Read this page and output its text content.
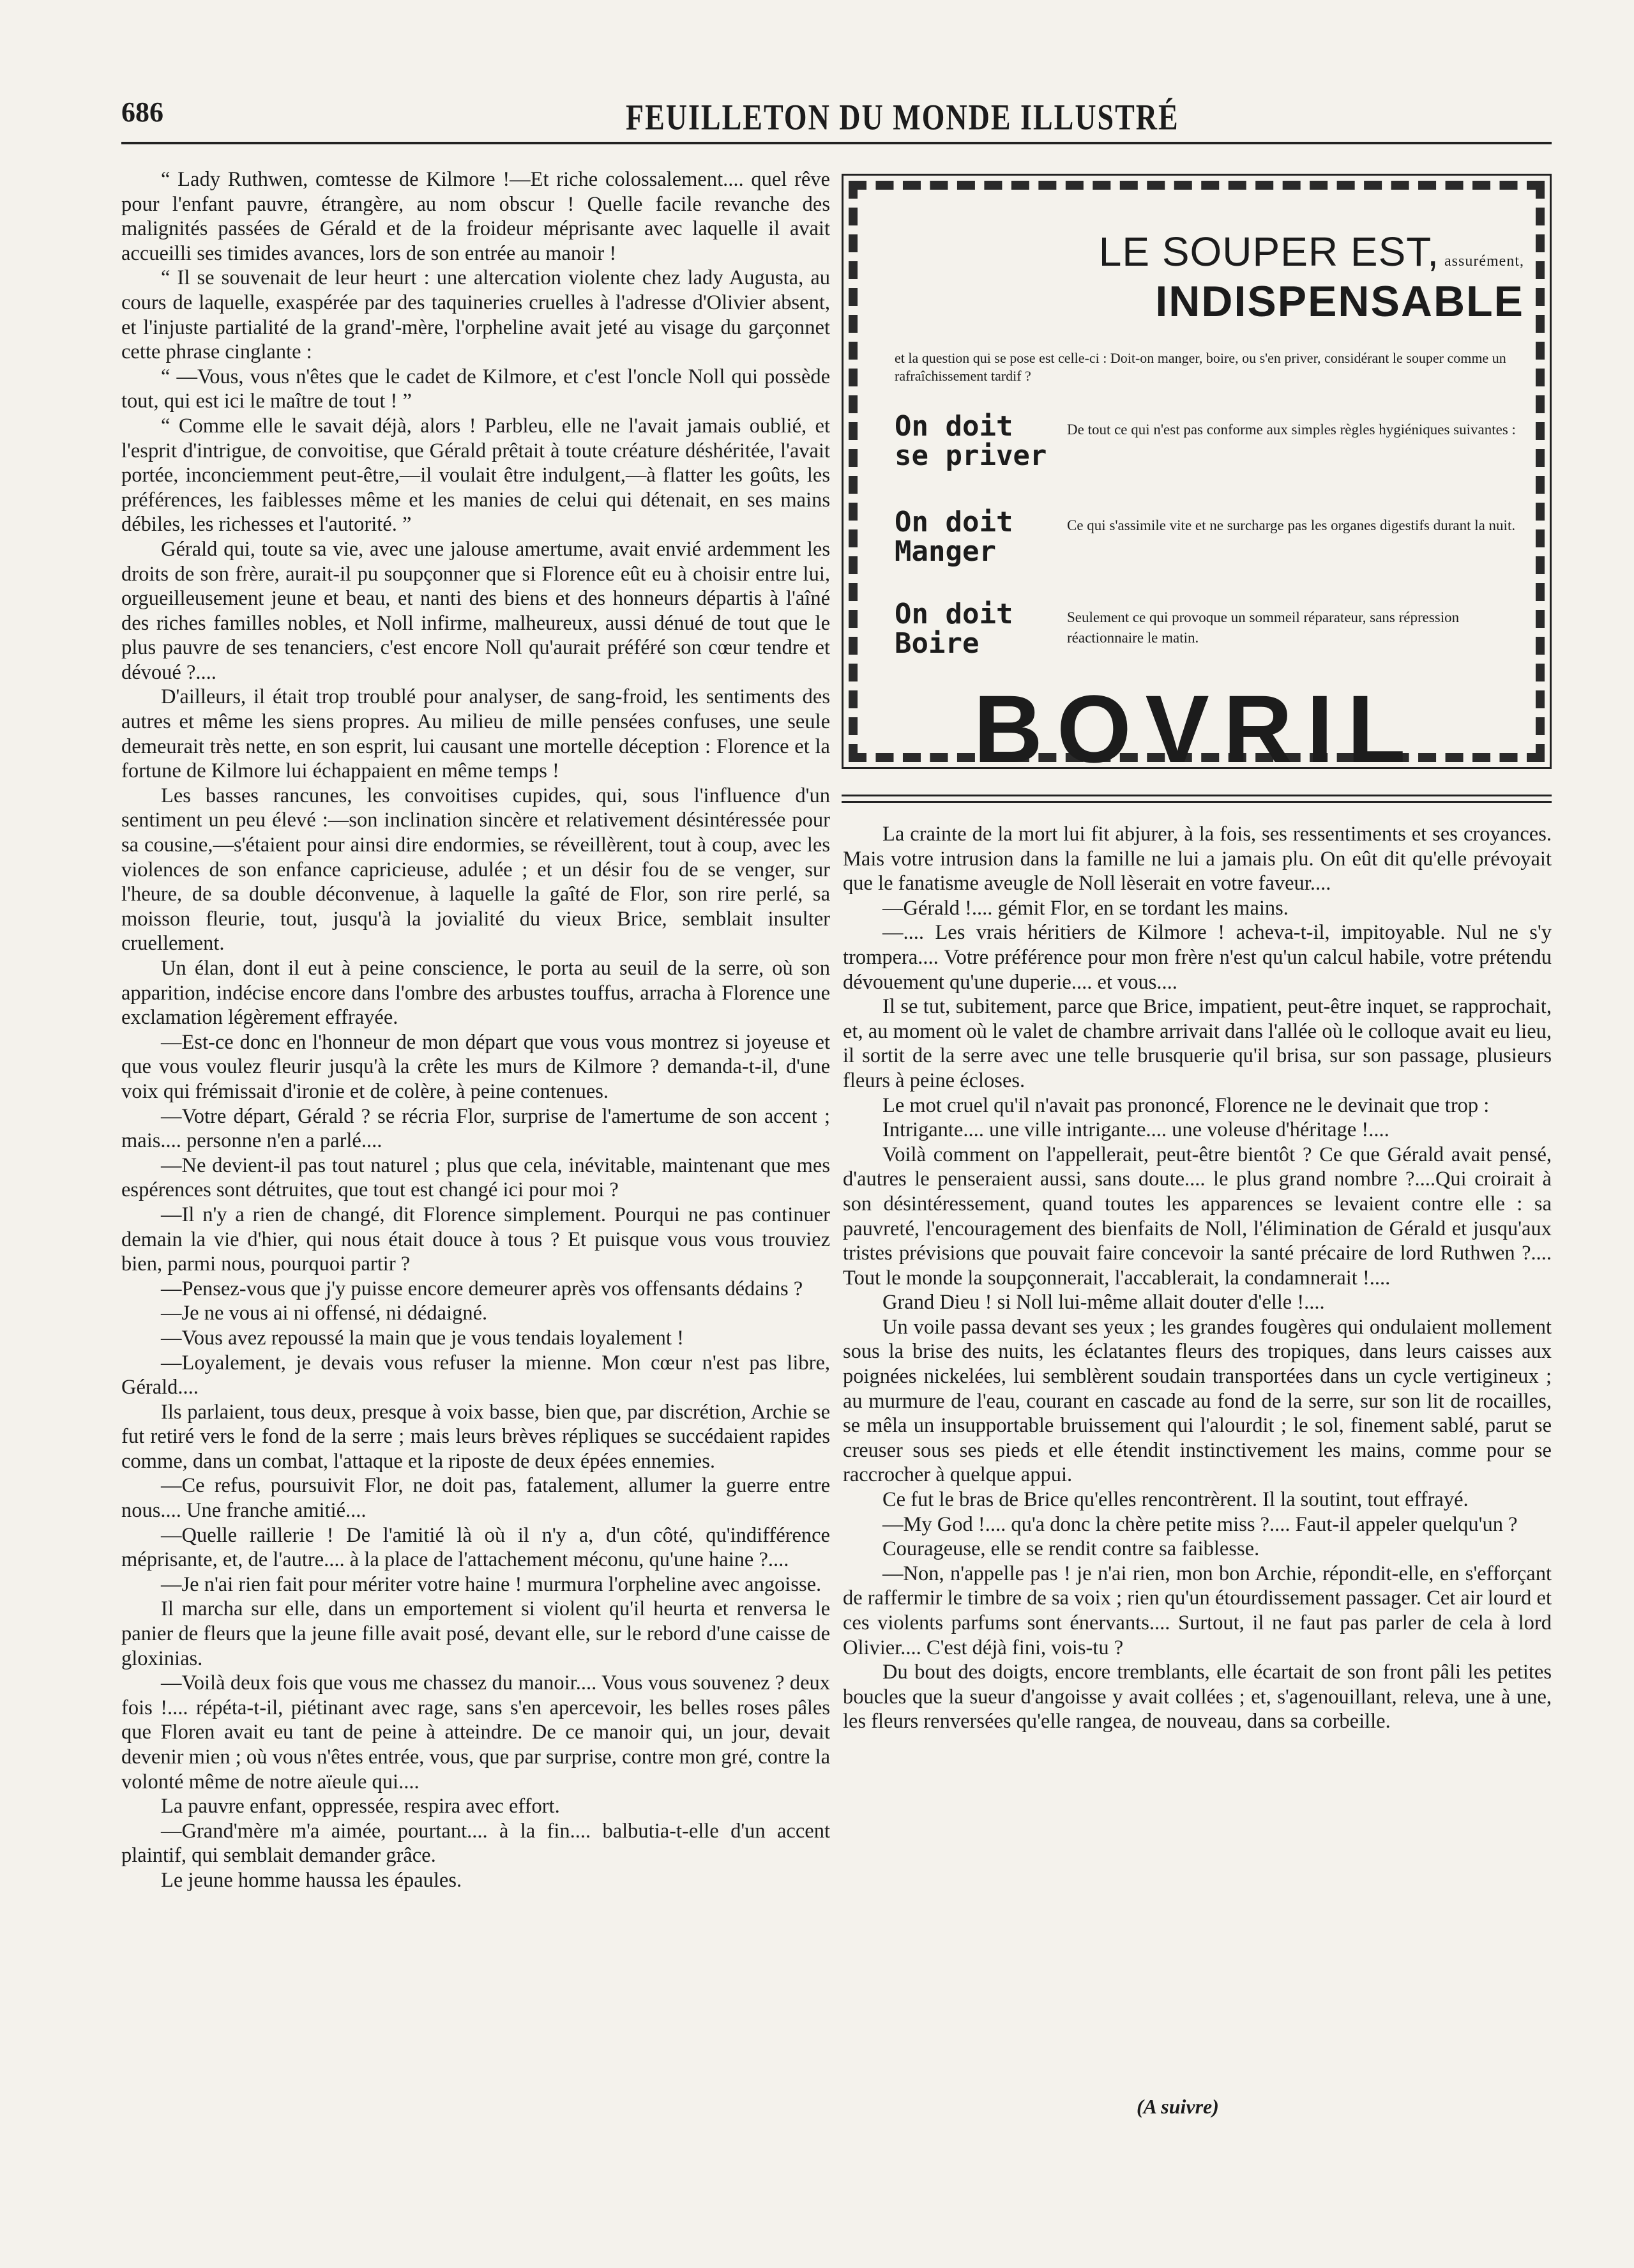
686	FEUILLETON DU MONDE ILLUSTRÉ

“ Lady Ruthwen, comtesse de Kilmore !—Et riche colossalement.... quel rêve pour l'enfant pauvre, étrangère, au nom obscur ! Quelle facile revanche des malignités passées de Gérald et de la froideur méprisante avec laquelle il avait accueilli ses timides avances, lors de son entrée au manoir !

“ Il se souvenait de leur heurt : une altercation violente chez lady Augusta, au cours de laquelle, exaspérée par des taquineries cruelles à l'adresse d'Olivier absent, et l'injuste partialité de la grand'-mère, l'orpheline avait jeté au visage du garçonnet cette phrase cinglante :

“ —Vous, vous n'êtes que le cadet de Kilmore, et c'est l'oncle Noll qui possède tout, qui est ici le maître de tout ! ”

“ Comme elle le savait déjà, alors ! Parbleu, elle ne l'avait jamais oublié, et l'esprit d'intrigue, de convoitise, que Gérald prêtait à toute créature déshéritée, l'avait portée, inconciemment peut-être,—il voulait être indulgent,—à flatter les goûts, les préférences, les faiblesses même et les manies de celui qui détenait, en ses mains débiles, les richesses et l'autorité. ”

Gérald qui, toute sa vie, avec une jalouse amertume, avait envié ardemment les droits de son frère, aurait-il pu soupçonner que si Florence eût eu à choisir entre lui, orgueilleusement jeune et beau, et nanti des biens et des honneurs départis à l'aîné des riches familles nobles, et Noll infirme, malheureux, aussi dénué de tout que le plus pauvre de ses tenanciers, c'est encore Noll qu'aurait préféré son cœur tendre et dévoué ?....

D'ailleurs, il était trop troublé pour analyser, de sang-froid, les sentiments des autres et même les siens propres. Au milieu de mille pensées confuses, une seule demeurait très nette, en son esprit, lui causant une mortelle déception : Florence et la fortune de Kilmore lui échappaient en même temps !

Les basses rancunes, les convoitises cupides, qui, sous l'influence d'un sentiment un peu élevé :—son inclination sincère et relativement désintéressée pour sa cousine,—s'étaient pour ainsi dire endormies, se réveillèrent, tout à coup, avec les violences de son enfance capricieuse, adulée ; et un désir fou de se venger, sur l'heure, de sa double déconvenue, à laquelle la gaîté de Flor, son rire perlé, sa moisson fleurie, tout, jusqu'à la jovialité du vieux Brice, semblait insulter cruellement.

Un élan, dont il eut à peine conscience, le porta au seuil de la serre, où son apparition, indécise encore dans l'ombre des arbustes touffus, arracha à Florence une exclamation légèrement effrayée.

—Est-ce donc en l'honneur de mon départ que vous vous montrez si joyeuse et que vous voulez fleurir jusqu'à la crête les murs de Kilmore ? demanda-t-il, d'une voix qui frémissait d'ironie et de colère, à peine contenues.

—Votre départ, Gérald ? se récria Flor, surprise de l'amertume de son accent ; mais.... personne n'en a parlé....

—Ne devient-il pas tout naturel ; plus que cela, inévitable, maintenant que mes espérences sont détruites, que tout est changé ici pour moi ?

—Il n'y a rien de changé, dit Florence simplement. Pourqui ne pas continuer demain la vie d'hier, qui nous était douce à tous ? Et puisque vous vous trouviez bien, parmi nous, pourquoi partir ?

—Pensez-vous que j'y puisse encore demeurer après vos offensants dédains ?

—Je ne vous ai ni offensé, ni dédaigné.

—Vous avez repoussé la main que je vous tendais loyalement !

—Loyalement, je devais vous refuser la mienne. Mon cœur n'est pas libre, Gérald....

Ils parlaient, tous deux, presque à voix basse, bien que, par discrétion, Archie se fut retiré vers le fond de la serre ; mais leurs brèves répliques se succédaient rapides comme, dans un combat, l'attaque et la riposte de deux épées ennemies.

—Ce refus, poursuivit Flor, ne doit pas, fatalement, allumer la guerre entre nous.... Une franche amitié....

—Quelle raillerie ! De l'amitié là où il n'y a, d'un côté, qu'indifférence méprisante, et, de l'autre.... à la place de l'attachement méconu, qu'une haine ?....

—Je n'ai rien fait pour mériter votre haine ! murmura l'orpheline avec angoisse.

Il marcha sur elle, dans un emportement si violent qu'il heurta et renversa le panier de fleurs que la jeune fille avait posé, devant elle, sur le rebord d'une caisse de gloxinias.

—Voilà deux fois que vous me chassez du manoir.... Vous vous souvenez ? deux fois !.... répéta-t-il, piétinant avec rage, sans s'en apercevoir, les belles roses pâles que Floren avait eu tant de peine à atteindre. De ce manoir qui, un jour, devait devenir mien ; où vous n'êtes entrée, vous, que par surprise, contre mon gré, contre la volonté même de notre aïeule qui....

La pauvre enfant, oppressée, respira avec effort.

—Grand'mère m'a aimée, pourtant.... à la fin.... balbutia-t-elle d'un accent plaintif, qui semblait demander grâce.

Le jeune homme haussa les épaules.

LE SOUPER EST, assurément,
INDISPENSABLE
et la question qui se pose est celle-ci : Doit-on manger, boire, ou s'en priver, considérant le souper comme un rafraîchissement tardif ?
On doit se priver
De tout ce qui n'est pas conforme aux simples règles hygiéniques suivantes :
On doit Manger
Ce qui s'assimile vite et ne surcharge pas les organes digestifs durant la nuit.
On doit Boire
Seulement ce qui provoque un sommeil réparateur, sans répression réactionnaire le matin.
BOVRIL

La crainte de la mort lui fit abjurer, à la fois, ses ressentiments et ses croyances. Mais votre intrusion dans la famille ne lui a jamais plu. On eût dit qu'elle prévoyait que le fanatisme aveugle de Noll lèserait en votre faveur....

—Gérald !.... gémit Flor, en se tordant les mains.

—.... Les vrais héritiers de Kilmore ! acheva-t-il, impitoyable. Nul ne s'y trompera.... Votre préférence pour mon frère n'est qu'un calcul habile, votre prétendu dévouement qu'une duperie.... et vous....

Il se tut, subitement, parce que Brice, impatient, peut-être inquet, se rapprochait, et, au moment où le valet de chambre arrivait dans l'allée où le colloque avait eu lieu, il sortit de la serre avec une telle brusquerie qu'il brisa, sur son passage, plusieurs fleurs à peine écloses.

Le mot cruel qu'il n'avait pas prononcé, Florence ne le devinait que trop :

Intrigante.... une ville intrigante.... une voleuse d'héritage !....

Voilà comment on l'appellerait, peut-être bientôt ? Ce que Gérald avait pensé, d'autres le penseraient aussi, sans doute.... le plus grand nombre ?....Qui croirait à son désintéressement, quand toutes les apparences se levaient contre elle : sa pauvreté, l'encouragement des bienfaits de Noll, l'élimination de Gérald et jusqu'aux tristes prévisions que pouvait faire concevoir la santé précaire de lord Ruthwen ?.... Tout le monde la soupçonnerait, l'accablerait, la condamnerait !....

Grand Dieu ! si Noll lui-même allait douter d'elle !....

Un voile passa devant ses yeux ; les grandes fougères qui ondulaient mollement sous la brise des nuits, les éclatantes fleurs des tropiques, dans leurs caisses aux poignées nickelées, lui semblèrent soudain transportées dans un cycle vertigineux ; au murmure de l'eau, courant en cascade au fond de la serre, sur son lit de rocailles, se mêla un insupportable bruissement qui l'alourdit ; le sol, finement sablé, parut se creuser sous ses pieds et elle étendit instinctivement les mains, comme pour se raccrocher à quelque appui.

Ce fut le bras de Brice qu'elles rencontrèrent. Il la soutint, tout effrayé.

—My God !.... qu'a donc la chère petite miss ?.... Faut-il appeler quelqu'un ?

Courageuse, elle se rendit contre sa faiblesse.

—Non, n'appelle pas ! je n'ai rien, mon bon Archie, répondit-elle, en s'efforçant de raffermir le timbre de sa voix ; rien qu'un étourdissement passager. Cet air lourd et ces violents parfums sont énervants.... Surtout, il ne faut pas parler de cela à lord Olivier.... C'est déjà fini, vois-tu ?

Du bout des doigts, encore tremblants, elle écartait de son front pâli les petites boucles que la sueur d'angoisse y avait collées ; et, s'agenouillant, releva, une à une, les fleurs renversées qu'elle rangea, de nouveau, dans sa corbeille.

(A suivre)
